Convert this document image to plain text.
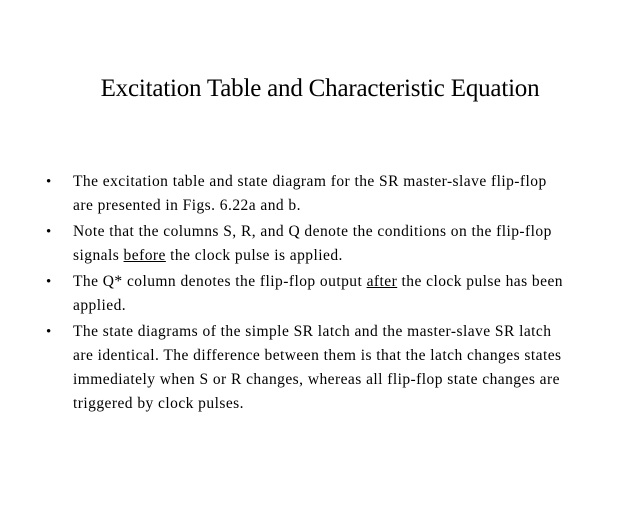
Excitation Table and Characteristic Equation
•	The excitation table and state diagram for the SR master-slave flip-flop are presented in Figs. 6.22a and b.
•	Note that the columns S, R, and Q denote the conditions on the flip-flop signals before the clock pulse is applied.
•	The Q* column denotes the flip-flop output after the clock pulse has been applied.
•	The state diagrams of the simple SR latch and the master-slave SR latch are identical. The difference between them is that the latch changes states immediately when S or R changes, whereas all flip-flop state changes are triggered by clock pulses.
